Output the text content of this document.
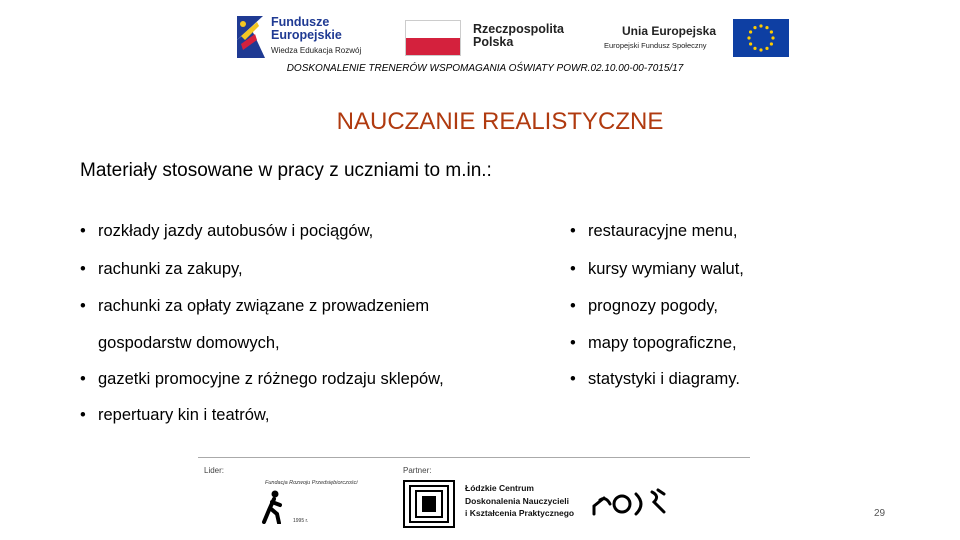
Fundusze
Europejskie
Wiedza Edukacja Rozwój
Rzeczpospolita
Polska
Unia Europejska
Europejski Fundusz Społeczny
DOSKONALENIE TRENERÓW WSPOMAGANIA OŚWIATY POWR.02.10.00-00-7015/17
NAUCZANIE REALISTYCZNE
Materiały stosowane w pracy z uczniami to m.in.:
• rozkłady jazdy autobusów i pociągów,
• rachunki za zakupy,
• rachunki za opłaty związane z prowadzeniem
gospodarstw domowych,
• gazetki promocyjne z różnego rodzaju sklepów,
• repertuary kin i teatrów,
• restauracyjne menu,
• kursy wymiany walut,
• prognozy pogody,
• mapy topograficzne,
• statystyki i diagramy.
Lider:	Partner:
Fundacja Rozwoju Przedsiębiorczości
1995 r.
Łódzkie Centrum
Doskonalenia Nauczycieli
i Kształcenia Praktycznego	29
